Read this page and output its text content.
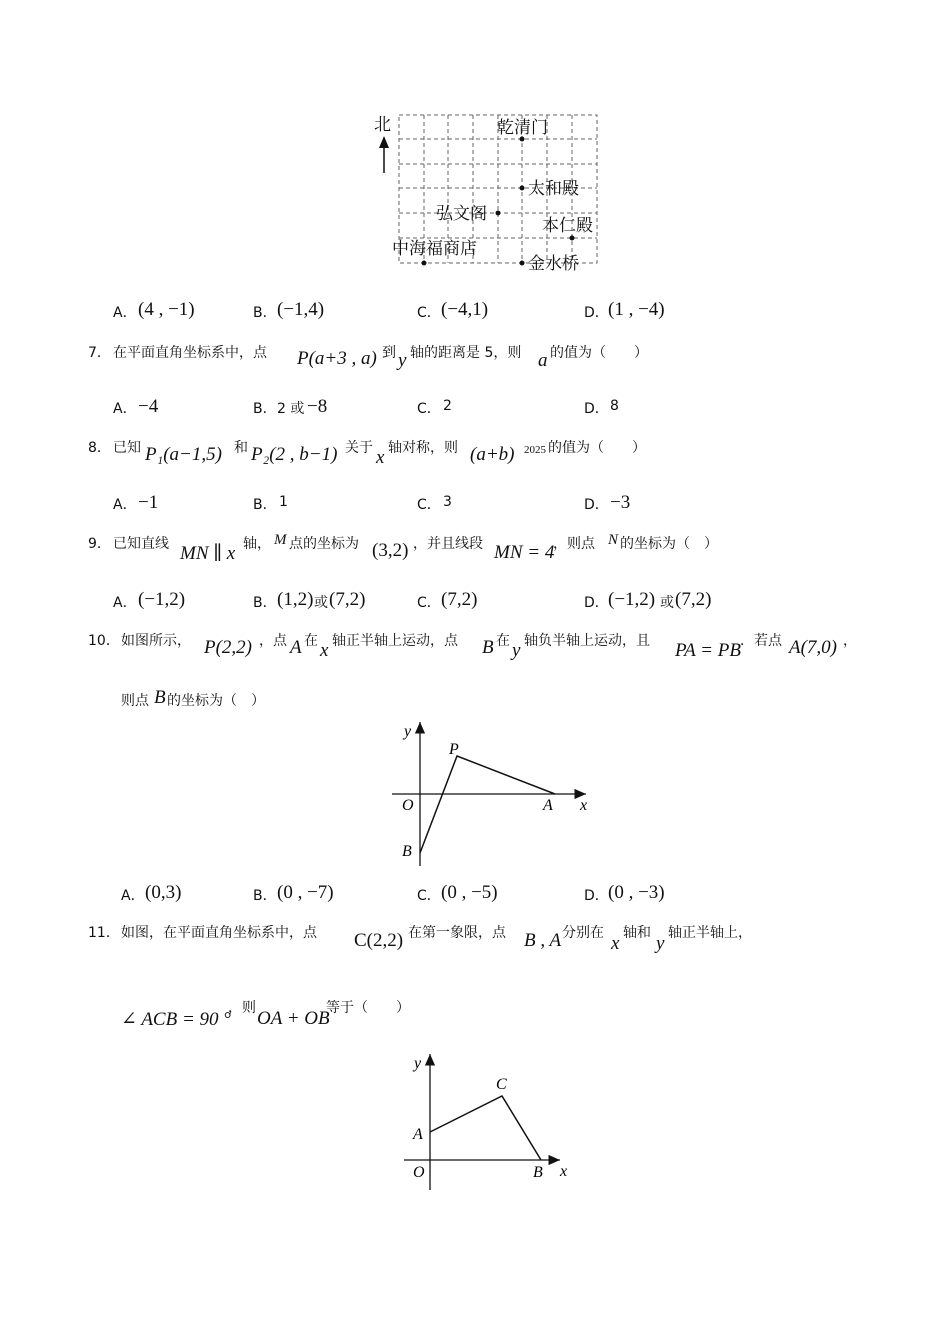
北	乾清门
太和殿
弘文阁
本仁殿
中海福商店
金水桥
A． (4 , −1)	B． (−1,4)	C． (−4,1)	D． (1 , −4)
7． 在平面直角坐标系中，点 P(a+3 , a) 到 y 轴的距离是 5，则 a 的值为（　　）
A． −4	B． 2 或 −8	C． 2	D． 8
8． 已知 P₁(a−1,5) 和 P₂(2 , b−1) 关于 x 轴对称，则 (a+b) 2025 的值为（　　）
A． −1	B． 1	C． 3	D． −3
9． 已知直线 MN ∥ x 轴， M 点的坐标为 (3,2) ，并且线段 MN = 4
，则点 N 的坐标为（　）
A． (−1,2)	B． (1,2) 或 (7,2)	C． (7,2)	D． (−1,2) 或 (7,2)
10． 如图所示， P(2,2) ，点 A 在 x 轴正半轴上运动，点 B 在 y 轴负半轴上运动，且 PA = PB ．若点 A(7,0) ，
则点 B 的坐标为（　）
y
x
O
P
A
B
A． (0,3)	B． (0 , −7)	C． (0 , −5)	D． (0 , −3)
11． 如图，在平面直角坐标系中，点 C(2,2) 在第一象限，点 B , A 分别在 x 轴和 y 轴正半轴上，
∠ ACB = 90 °
，则 OA + OB
等于（　　）
y
x
O
A
B
C
